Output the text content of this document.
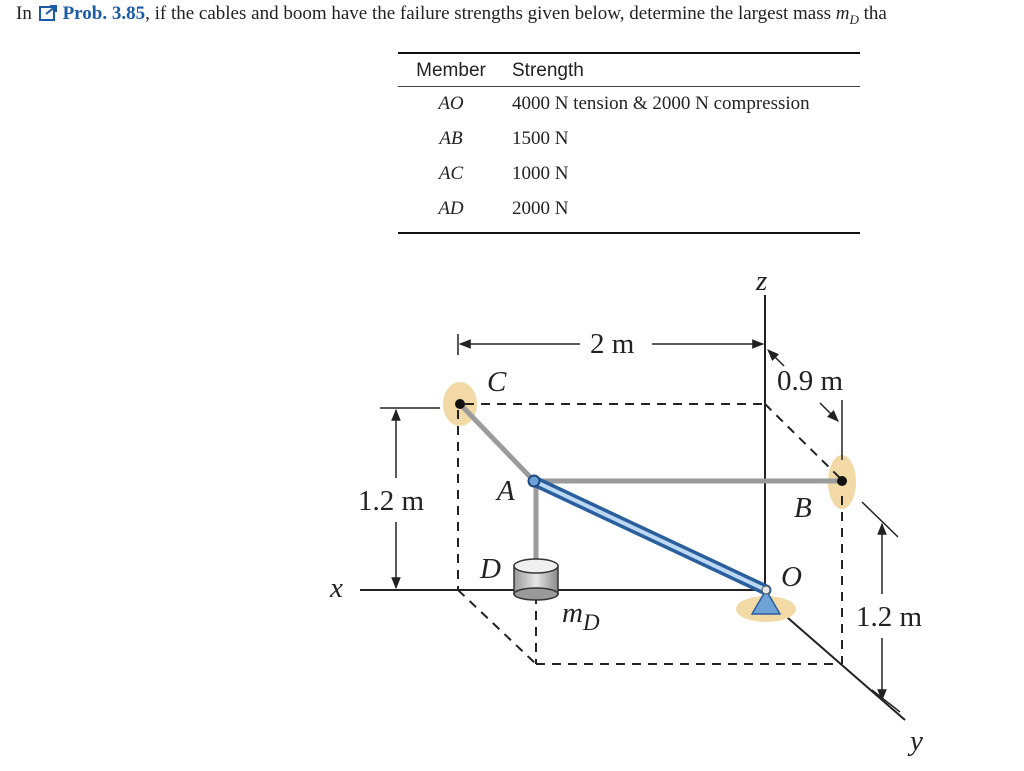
In Prob. 3.85, if the cables and boom have the failure strengths given below, determine the largest mass $m_D$ tha
Member	Strength
AO	4000 N tension & 2000 N compression
AB	1500 N
AC	1000 N
AD	2000 N
x
y
z
2 m
1.2 m
1.2 m
0.9 m
C
A
D
B
O
$m_D$
